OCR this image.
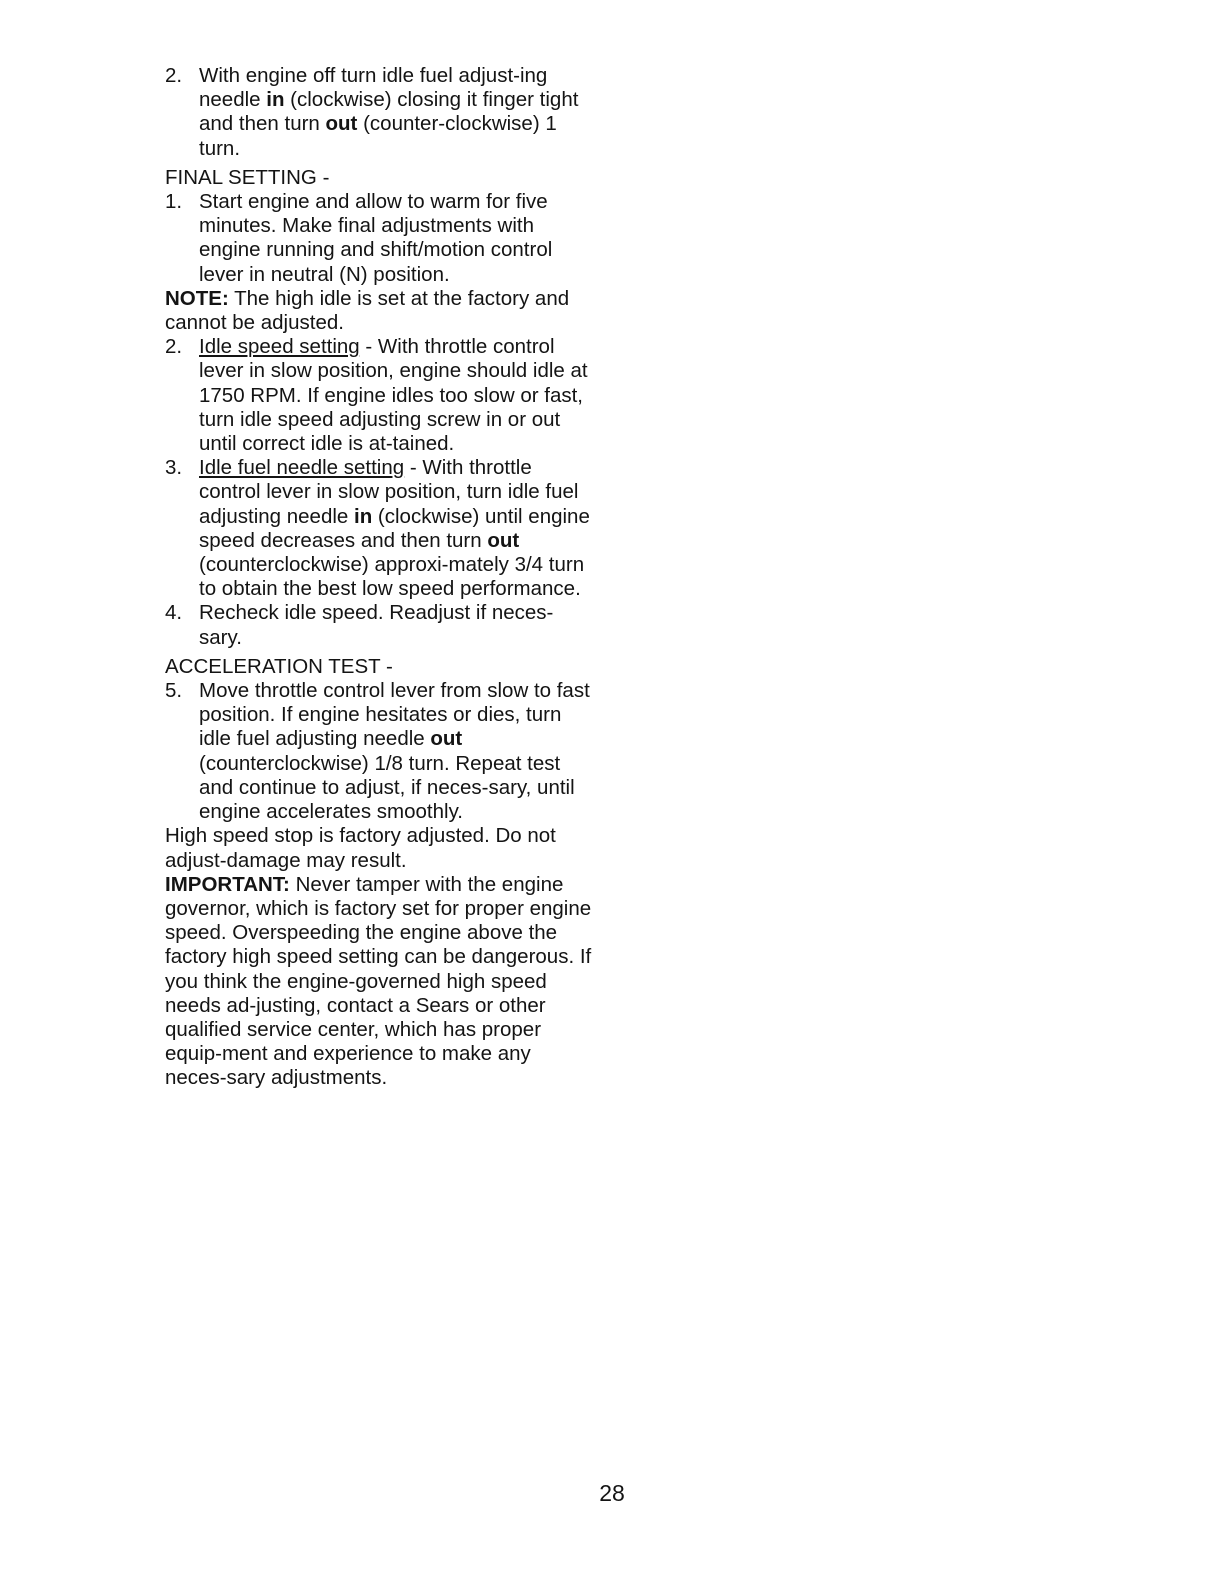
2. With engine off turn idle fuel adjust-ing needle in (clockwise) closing it finger tight and then turn out (counter-clockwise) 1 turn.
FINAL SETTING -
1. Start engine and allow to warm for five minutes. Make final adjustments with engine running and shift/motion control lever in neutral (N) position.
NOTE: The high idle is set at the factory and cannot be adjusted.
2. Idle speed setting - With throttle control lever in slow position, engine should idle at 1750 RPM. If engine idles too slow or fast, turn idle speed adjusting screw in or out until correct idle is at-tained.
3. Idle fuel needle setting - With throttle control lever in slow position, turn idle fuel adjusting needle in (clockwise) until engine speed decreases and then turn out (counterclockwise) approxi-mately 3/4 turn to obtain the best low speed performance.
4. Recheck idle speed. Readjust if neces-sary.
ACCELERATION TEST -
5. Move throttle control lever from slow to fast position. If engine hesitates or dies, turn idle fuel adjusting needle out (counterclockwise) 1/8 turn. Repeat test and continue to adjust, if neces-sary, until engine accelerates smoothly.
High speed stop is factory adjusted. Do not adjust-damage may result.
IMPORTANT: Never tamper with the engine governor, which is factory set for proper engine speed. Overspeeding the engine above the factory high speed setting can be dangerous. If you think the engine-governed high speed needs ad-justing, contact a Sears or other qualified service center, which has proper equip-ment and experience to make any neces-sary adjustments.
28
